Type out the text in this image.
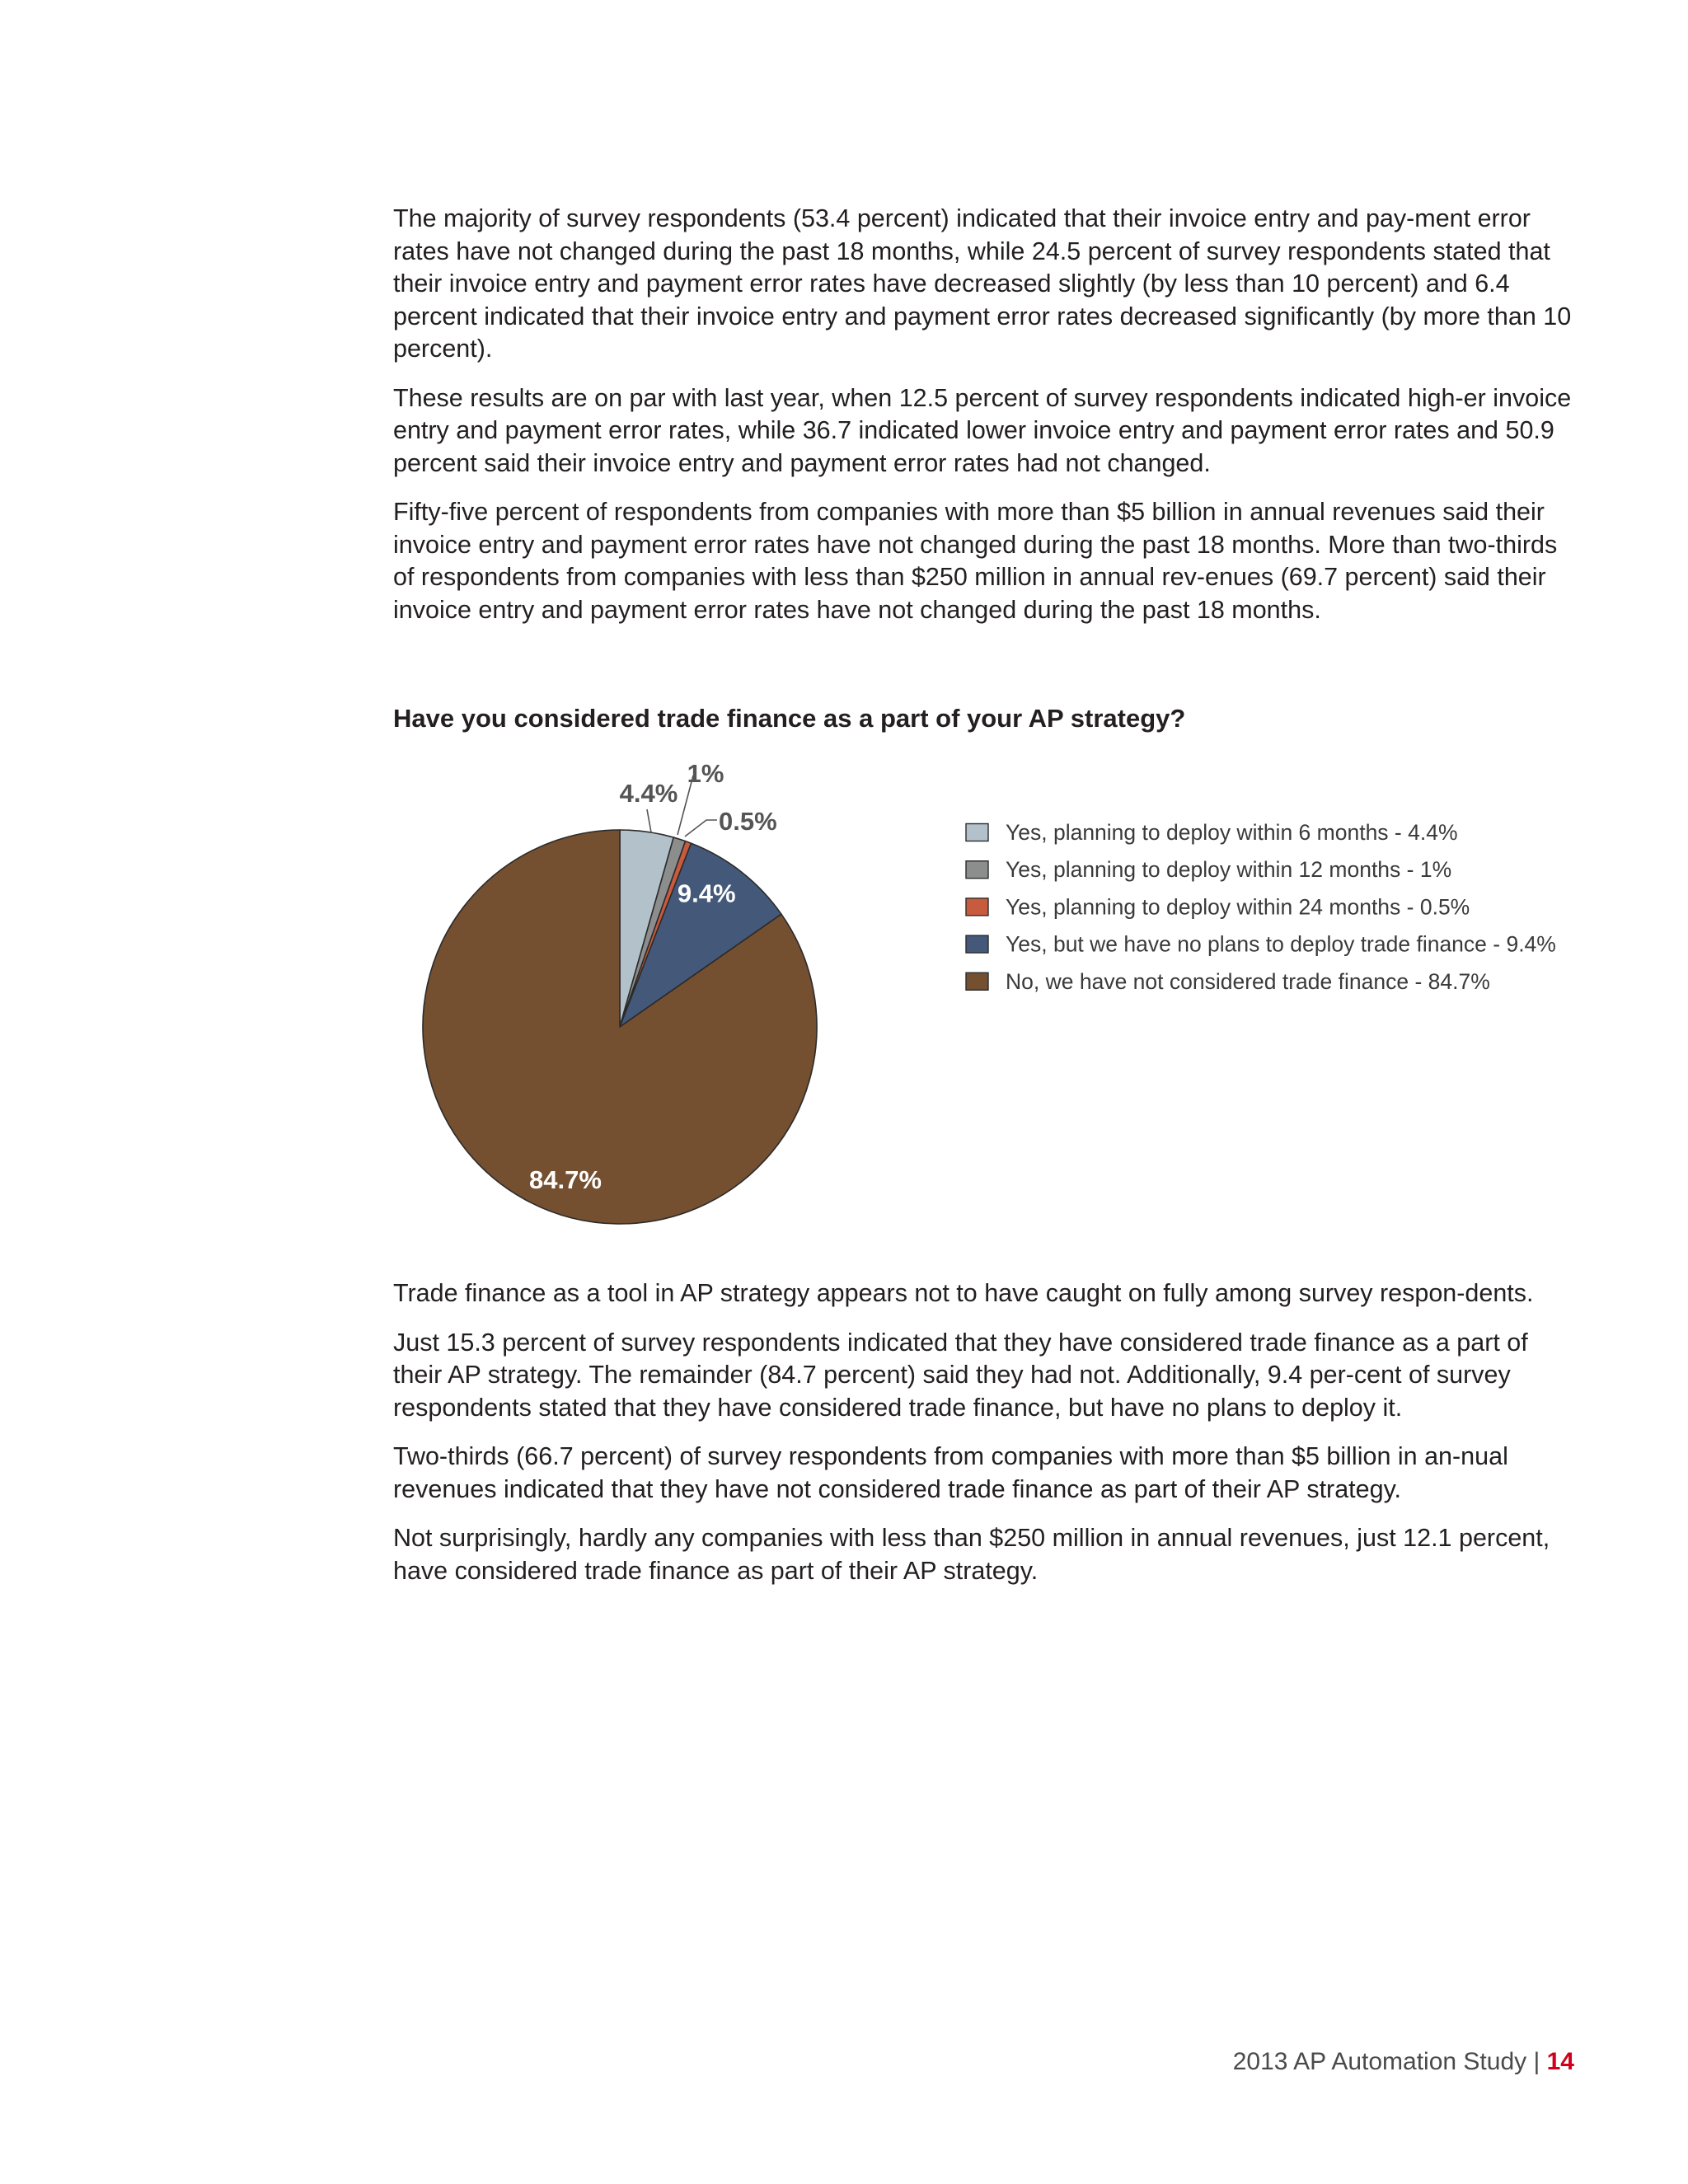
The majority of survey respondents (53.4 percent) indicated that their invoice entry and pay-ment error rates have not changed during the past 18 months, while 24.5 percent of survey respondents stated that their invoice entry and payment error rates have decreased slightly (by less than 10 percent) and 6.4 percent indicated that their invoice entry and payment error rates decreased significantly (by more than 10 percent).

These results are on par with last year, when 12.5 percent of survey respondents indicated high-er invoice entry and payment error rates, while 36.7 indicated lower invoice entry and payment error rates and 50.9 percent said their invoice entry and payment error rates had not changed.

Fifty-five percent of respondents from companies with more than $5 billion in annual revenues said their invoice entry and payment error rates have not changed during the past 18 months. More than two-thirds of respondents from companies with less than $250 million in annual rev-enues (69.7 percent) said their invoice entry and payment error rates have not changed during the past 18 months.

Have you considered trade finance as a part of your AP strategy?
4.4%
1%
0.5%
9.4%
84.7%
Yes, planning to deploy within 6 months - 4.4%
Yes, planning to deploy within 12 months - 1%
Yes, planning to deploy within 24 months - 0.5%
Yes, but we have no plans to deploy trade finance - 9.4%
No, we have not considered trade finance - 84.7%

Trade finance as a tool in AP strategy appears not to have caught on fully among survey respon-dents.

Just 15.3 percent of survey respondents indicated that they have considered trade finance as a part of their AP strategy. The remainder (84.7 percent) said they had not. Additionally, 9.4 per-cent of survey respondents stated that they have considered trade finance, but have no plans to deploy it.

Two-thirds (66.7 percent) of survey respondents from companies with more than $5 billion in an-nual revenues indicated that they have not considered trade finance as part of their AP strategy.

Not surprisingly, hardly any companies with less than $250 million in annual revenues, just 12.1 percent, have considered trade finance as part of their AP strategy.

2013 AP Automation Study | 14
